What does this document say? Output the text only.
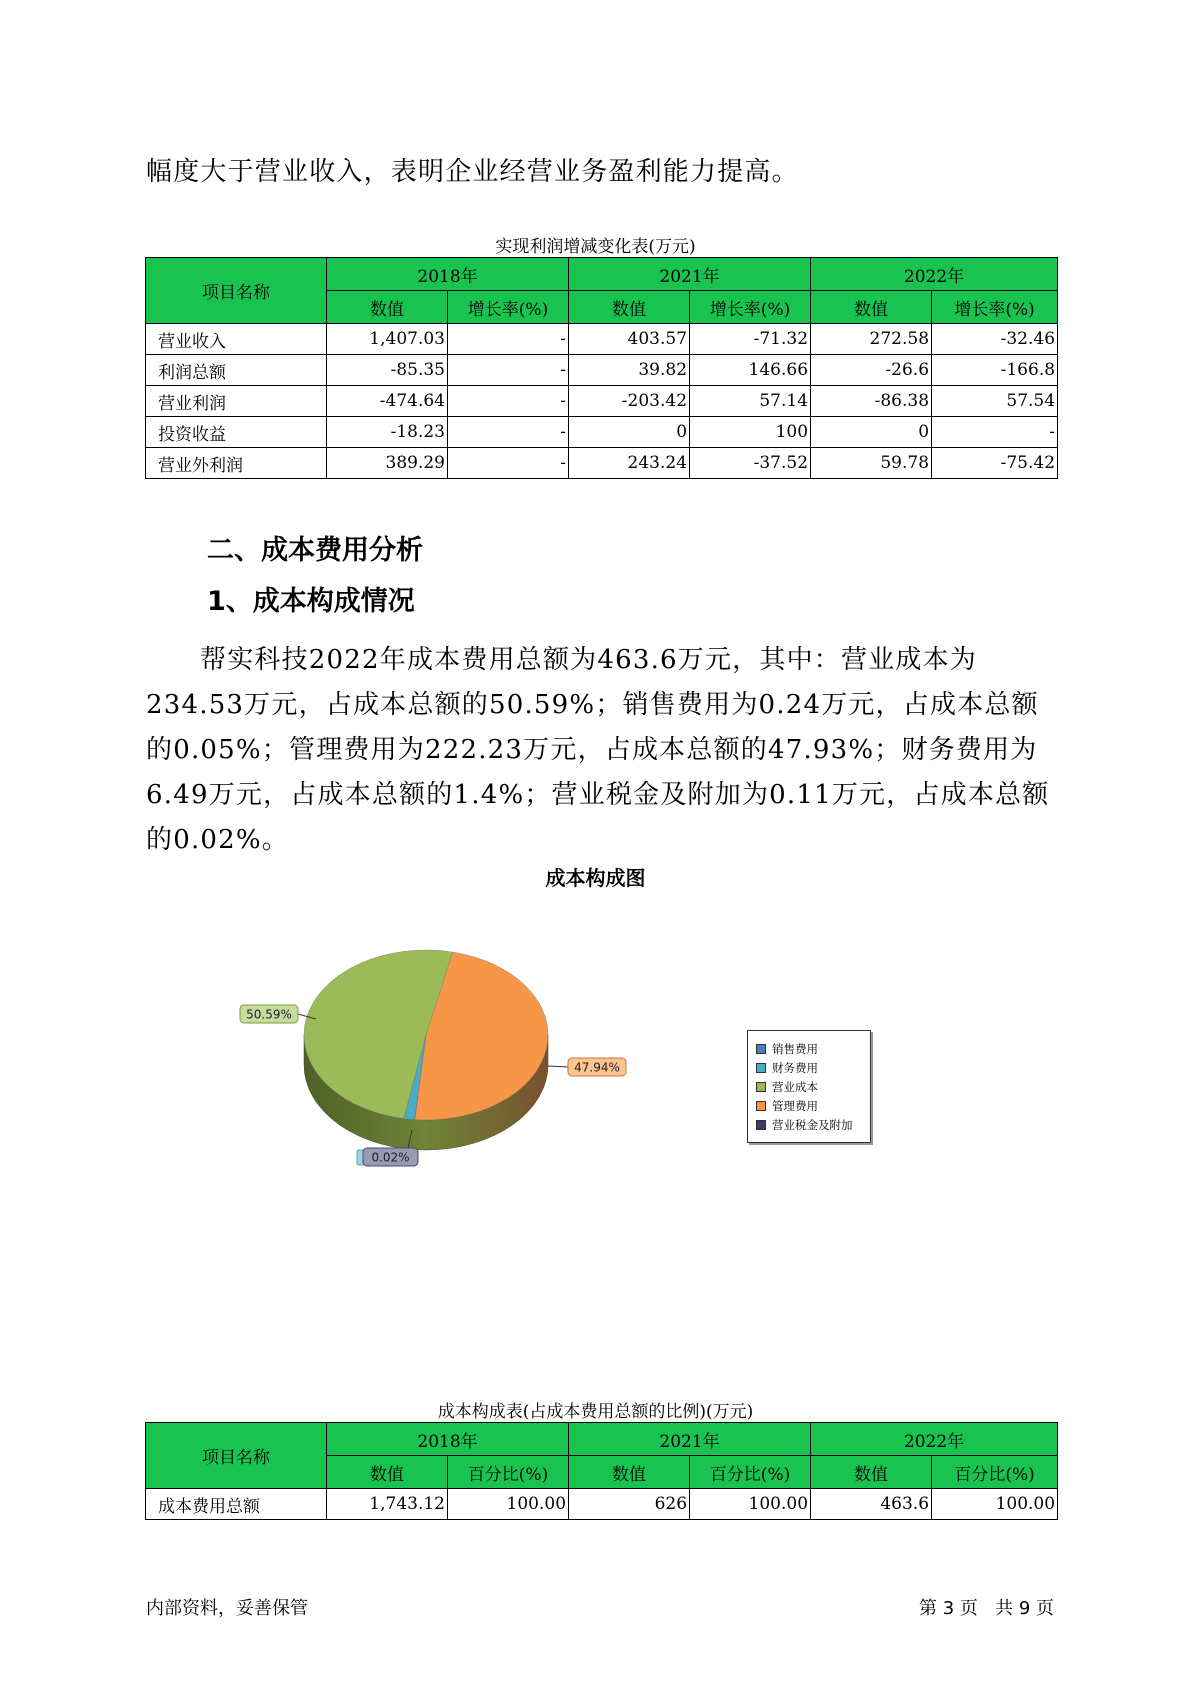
幅度大于营业收入，表明企业经营业务盈利能力提高。

实现利润增减变化表(万元)
项目名称	2018年		2021年		2022年	
	数值	增长率(%)	数值	增长率(%)	数值	增长率(%)
营业收入	1,407.03	-	403.57	-71.32	272.58	-32.46
利润总额	-85.35	-	39.82	146.66	-26.6	-166.8
营业利润	-474.64	-	-203.42	57.14	-86.38	57.54
投资收益	-18.23	-	0	100	0	-
营业外利润	389.29	-	243.24	-37.52	59.78	-75.42
二、成本费用分析
1、成本构成情况

帮实科技2022年成本费用总额为463.6万元，其中：营业成本为234.53万元，占成本总额的50.59%；销售费用为0.24万元，占成本总额的0.05%；管理费用为222.23万元，占成本总额的47.93%；财务费用为6.49万元，占成本总额的1.4%；营业税金及附加为0.11万元，占成本总额的0.02%。

成本构成图
50.59%
47.94%
0.02%
销售费用
财务费用
营业成本
管理费用
营业税金及附加
成本构成表(占成本费用总额的比例)(万元)
项目名称	2018年		2021年		2022年	
	数值	百分比(%)	数值	百分比(%)	数值	百分比(%)
成本费用总额	1,743.12	100.00	626	100.00	463.6	100.00
内部资料，妥善保管	第 3 页   共 9 页
